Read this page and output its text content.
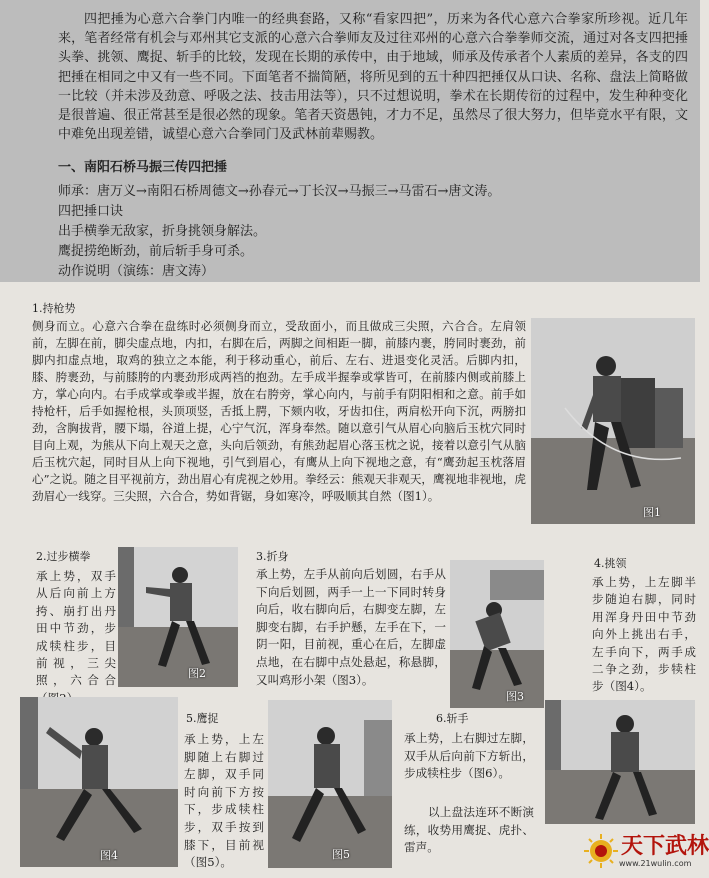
四把捶为心意六合拳门内唯一的经典套路，又称“看家四把”，历来为各代心意六合拳家所珍视。近几年来，笔者经常有机会与邓州其它支派的心意六合拳师友及过往邓州的心意六合拳拳师交流，通过对各支四把捶头拳、挑领、鹰捉、斩手的比较，发现在长期的承传中，由于地域，师承及传承者个人素质的差异，各支的四把捶在相同之中又有一些不同。下面笔者不揣简陋，将所见到的五十种四把捶仅从口诀、名称、盘法上简略做一比较（并未涉及劲意、呼吸之法、技击用法等），只不过想说明，拳术在长期传衍的过程中，发生种种变化是很普遍、很正常甚至是很必然的现象。笔者天资愚钝，才力不足，虽然尽了很大努力，但毕竟水平有限，文中难免出现差错，诚望心意六合拳同门及武林前辈赐教。

一、南阳石桥马振三传四把捶

师承：唐万义→南阳石桥周德文→孙春元→丁长汉→马振三→马雷石→唐文涛。

四把捶口诀

出手横拳无敌家，折身挑领身解法。

鹰捉捞绝断劲，前后斩手身可杀。

动作说明（演练：唐文涛）

1.持枪势

侧身而立。心意六合拳在盘练时必须侧身而立，受敌面小，而且做成三尖照，六合合。左肩领前，左脚在前，脚尖虚点地，内扣，右脚在后，两脚之间相距一脚，前膝内裹，胯同时裹劲，前脚内扣虚点地，取鸡的独立之本能，利于移动重心，前后、左右、进退变化灵活。后脚内扣，膝、胯裹劲，与前膝胯的内裹劲形成两裆的抱劲。左手成半握拳或掌皆可，在前膝内侧或前膝上方，掌心向内。右手成掌或拳或半握，放在右胯旁，掌心向内，与前手有阴阳相和之意。前手如持枪杆，后手如握枪根，头顶项竖，舌抵上腭，下颏内收，牙齿扣住，两肩松开向下沉，两膀扣劲，含胸拔背，腰下塌，谷道上提，心宁气沉，浑身奉然。随以意引气从眉心向脑后玉枕穴同时目向上观，为熊从下向上观天之意，头向后领劲，有熊劲起眉心落玉枕之说，接着以意引气从脑后玉枕穴起，同时目从上向下视地，引气到眉心，有鹰从上向下视地之意，有“鹰劲起玉枕落眉心”之说。随之目平视前方，劲出眉心有虎视之妙用。拳经云：熊观天非观天，鹰视地非视地，虎劲眉心一线穿。三尖照，六合合，势如背锯，身如寒冷，呼吸顺其自然（图1）。

图1

2.过步横拳

承上势，双手从后向前上方挎、崩打出丹田中节劲，步成犊柱步，目前视，三尖照，六合合	图2

3.折身

承上势，左手从前向后划圆，右手从下向后划圆，两手一上一下同时转身向后，收右脚向后，右脚变左脚，左脚变右脚，右手护懸，左手在下，一阴一阳，目前视，重心在后，左脚虚点地，在右脚中点处悬起，称悬脚，又叫鸡形小架（图3）。

图3

4.挑领

承上势，上左脚半步随迫右脚，同时用浑身丹田中节劲向外上挑出右手，左手向下，两手成二争之劲，步犊柱步（图4）。

图4

5.鹰捉

承上势，上左脚随上右脚过左脚，双手同时向前下方按下，步成犊柱步，双手按到膝下，目前视（图5）。

图5

6.斩手

承上势，上右脚过左脚，双手从后向前下方斩出，步成犊柱步（图6）。

以上盘法连环不断演练，收势用鹰捉、虎扑、雷声。	天下武林

www.21wulin.com
